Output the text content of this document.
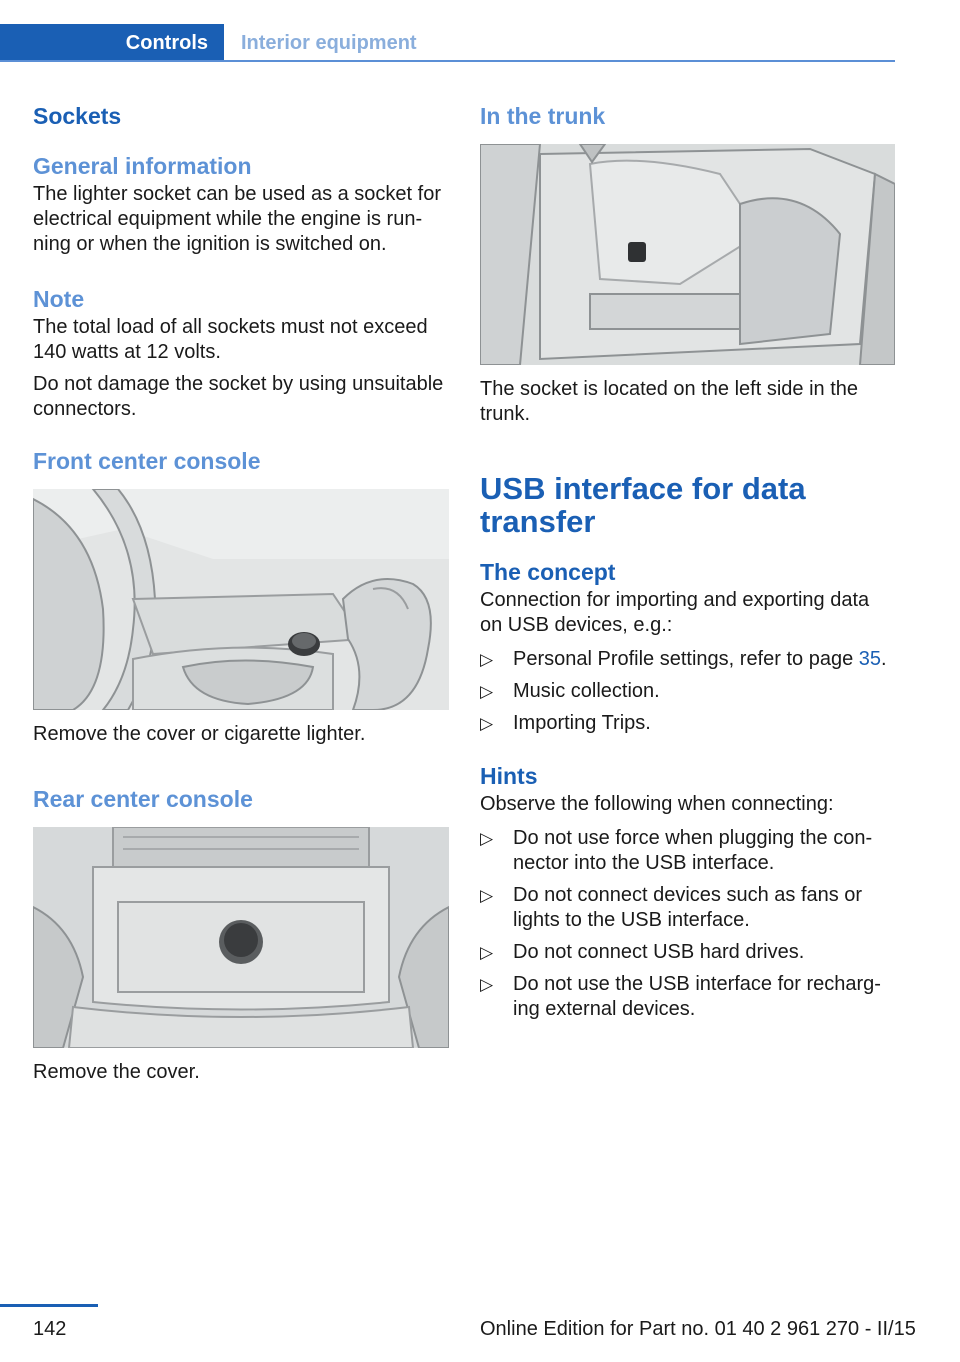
Controls	Interior equipment
Sockets
General information

The lighter socket can be used as a socket for electrical equipment while the engine is run‐ ning or when the ignition is switched on.

Note

The total load of all sockets must not exceed 140 watts at 12 volts.

Do not damage the socket by using unsuitable connectors.

Front center console

Remove the cover or cigarette lighter.

Rear center console

Remove the cover.

In the trunk

The socket is located on the left side in the trunk.

USB interface for data transfer
The concept

Connection for importing and exporting data on USB devices, e.g.:

▷ Personal Profile settings, refer to page 35.
▷ Music collection.
▷ Importing Trips.
Hints

Observe the following when connecting:

▷ Do not use force when plugging the con‐ nector into the USB interface.
▷ Do not connect devices such as fans or lights to the USB interface.
▷ Do not connect USB hard drives.
▷ Do not use the USB interface for recharg‐ ing external devices.
142	Online Edition for Part no. 01 40 2 961 270 - II/15
